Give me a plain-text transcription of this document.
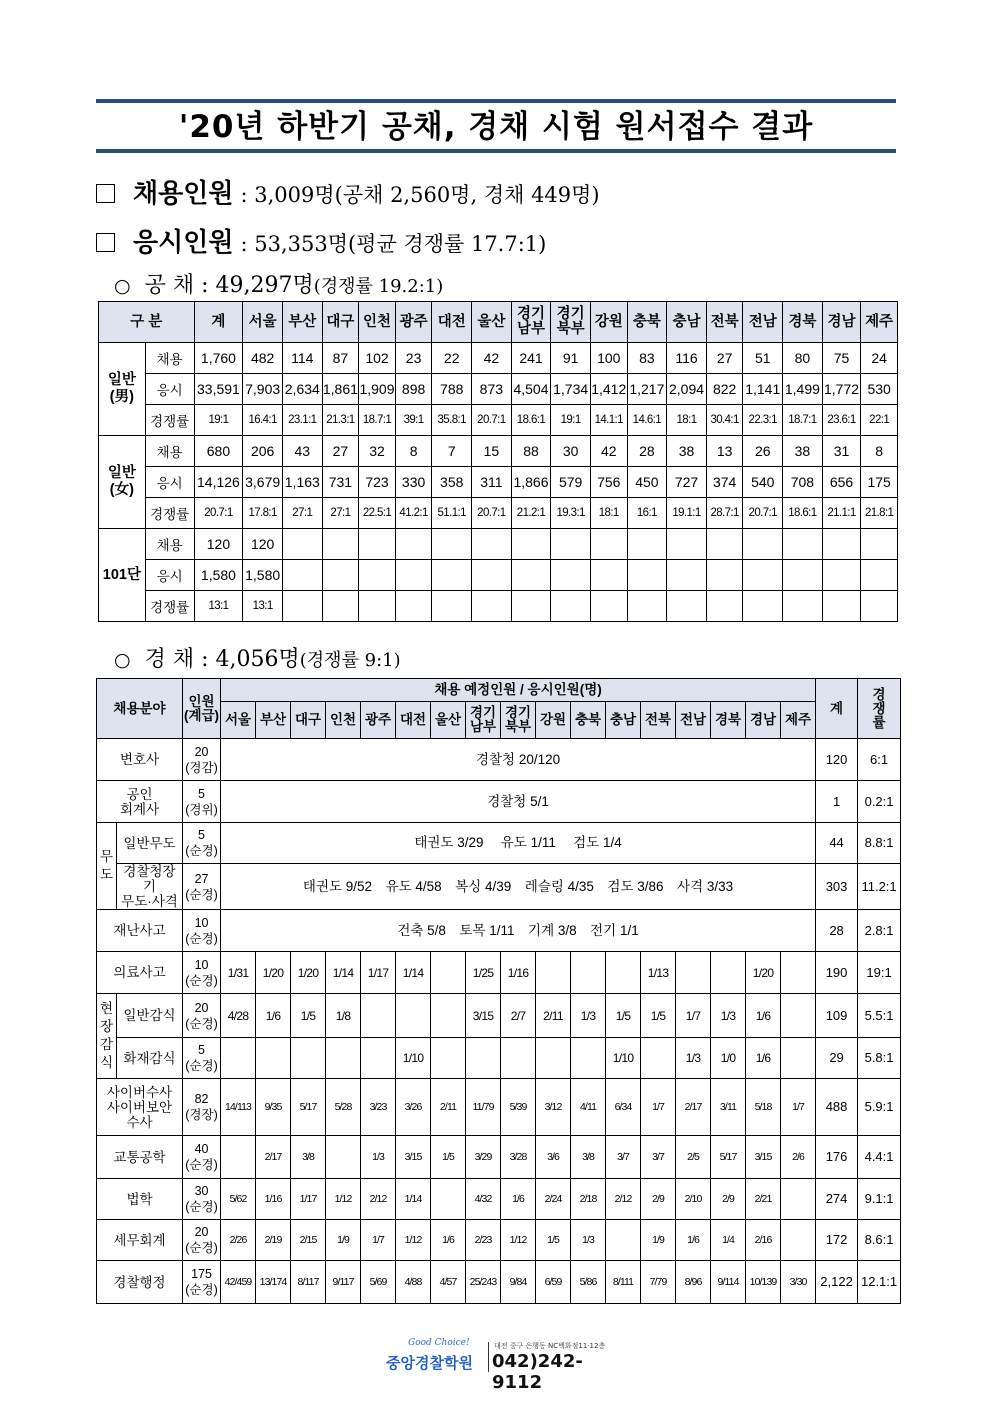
'20년 하반기 공채, 경채 시험 원서접수 결과
채용인원 : 3,009명(공채 2,560명, 경채 449명)
응시인원 : 53,353명(평균 경쟁률 17.7:1)
○ 공 채 : 49,297명(경쟁률 19.2:1)
구 분		계	서울	부산	대구	인천	광주	대전	울산	경기
남부	경기
북부	강원	충북	충남	전북	전남	경북	경남	제주
일반
(男)	채용	1,760	482	114	87	102	23	22	42	241	91	100	83	116	27	51	80	75	24
	응시	33,591	7,903	2,634	1,861	1,909	898	788	873	4,504	1,734	1,412	1,217	2,094	822	1,141	1,499	1,772	530
	경쟁률	19:1	16.4:1	23.1:1	21.3:1	18.7:1	39:1	35.8:1	20.7:1	18.6:1	19:1	14.1:1	14.6:1	18:1	30.4:1	22.3:1	18.7:1	23.6:1	22:1
일반
(女)	채용	680	206	43	27	32	8	7	15	88	30	42	28	38	13	26	38	31	8
	응시	14,126	3,679	1,163	731	723	330	358	311	1,866	579	756	450	727	374	540	708	656	175
	경쟁률	20.7:1	17.8:1	27:1	27:1	22.5:1	41.2:1	51.1:1	20.7:1	21.2:1	19.3:1	18:1	16:1	19.1:1	28.7:1	20.7:1	18.6:1	21.1:1	21.8:1
101단	채용	120	120																
	응시	1,580	1,580																
	경쟁률	13:1	13:1																
○ 경 채 : 4,056명(경쟁률 9:1)
채용분야		인원
(계급)	채용 예정인원 / 응시인원(명)																	계	경
쟁
률
			서울	부산	대구	인천	광주	대전	울산	경기
남부	경기
북부	강원	충북	충남	전북	전남	경북	경남	제주		
변호사		20
(경감)	경찰청 20/120																	120	6:1
공인
회계사		5
(경위)	경찰청 5/1																	1	0.2:1
무
도	일반무도	5
(순경)	태권도 3/29　 유도 1/11 　검도 1/4																	44	8.8:1
	경찰청장기
무도·사격	27
(순경)	태권도 9/52　유도 4/58　복싱 4/39　레슬링 4/35　검도 3/86　사격 3/33																	303	11.2:1
재난사고		10
(순경)	건축 5/8　토목 1/11　기계 3/8　전기 1/1																	28	2.8:1
의료사고		10
(순경)	1/31	1/20	1/20	1/14	1/17	1/14		1/25	1/16				1/13			1/20		190	19:1
현
장
감
식	일반감식	20
(순경)	4/28	1/6	1/5	1/8				3/15	2/7	2/11	1/3	1/5	1/5	1/7	1/3	1/6		109	5.5:1
	화재감식	5
(순경)						1/10						1/10		1/3	1/0	1/6		29	5.8:1
사이버수사
사이버보안
수사		82
(경장)	14/113	9/35	5/17	5/28	3/23	3/26	2/11	11/79	5/39	3/12	4/11	6/34	1/7	2/17	3/11	5/18	1/7	488	5.9:1
교통공학		40
(순경)		2/17	3/8		1/3	3/15	1/5	3/29	3/28	3/6	3/8	3/7	3/7	2/5	5/17	3/15	2/6	176	4.4:1
법학		30
(순경)	5/62	1/16	1/17	1/12	2/12	1/14		4/32	1/6	2/24	2/18	2/12	2/9	2/10	2/9	2/21		274	9.1:1
세무회계		20
(순경)	2/26	2/19	2/15	1/9	1/7	1/12	1/6	2/23	1/12	1/5	1/3		1/9	1/6	1/4	2/16		172	8.6:1
경찰행정		175
(순경)	42/459	13/174	8/117	9/117	5/69	4/88	4/57	25/243	9/84	6/59	5/86	8/111	7/79	8/96	9/114	10/139	3/30	2,122	12.1:1
Good Choice!
중앙경찰학원
대전 중구 은행동 NC백화점11·12층
042)242-9112
